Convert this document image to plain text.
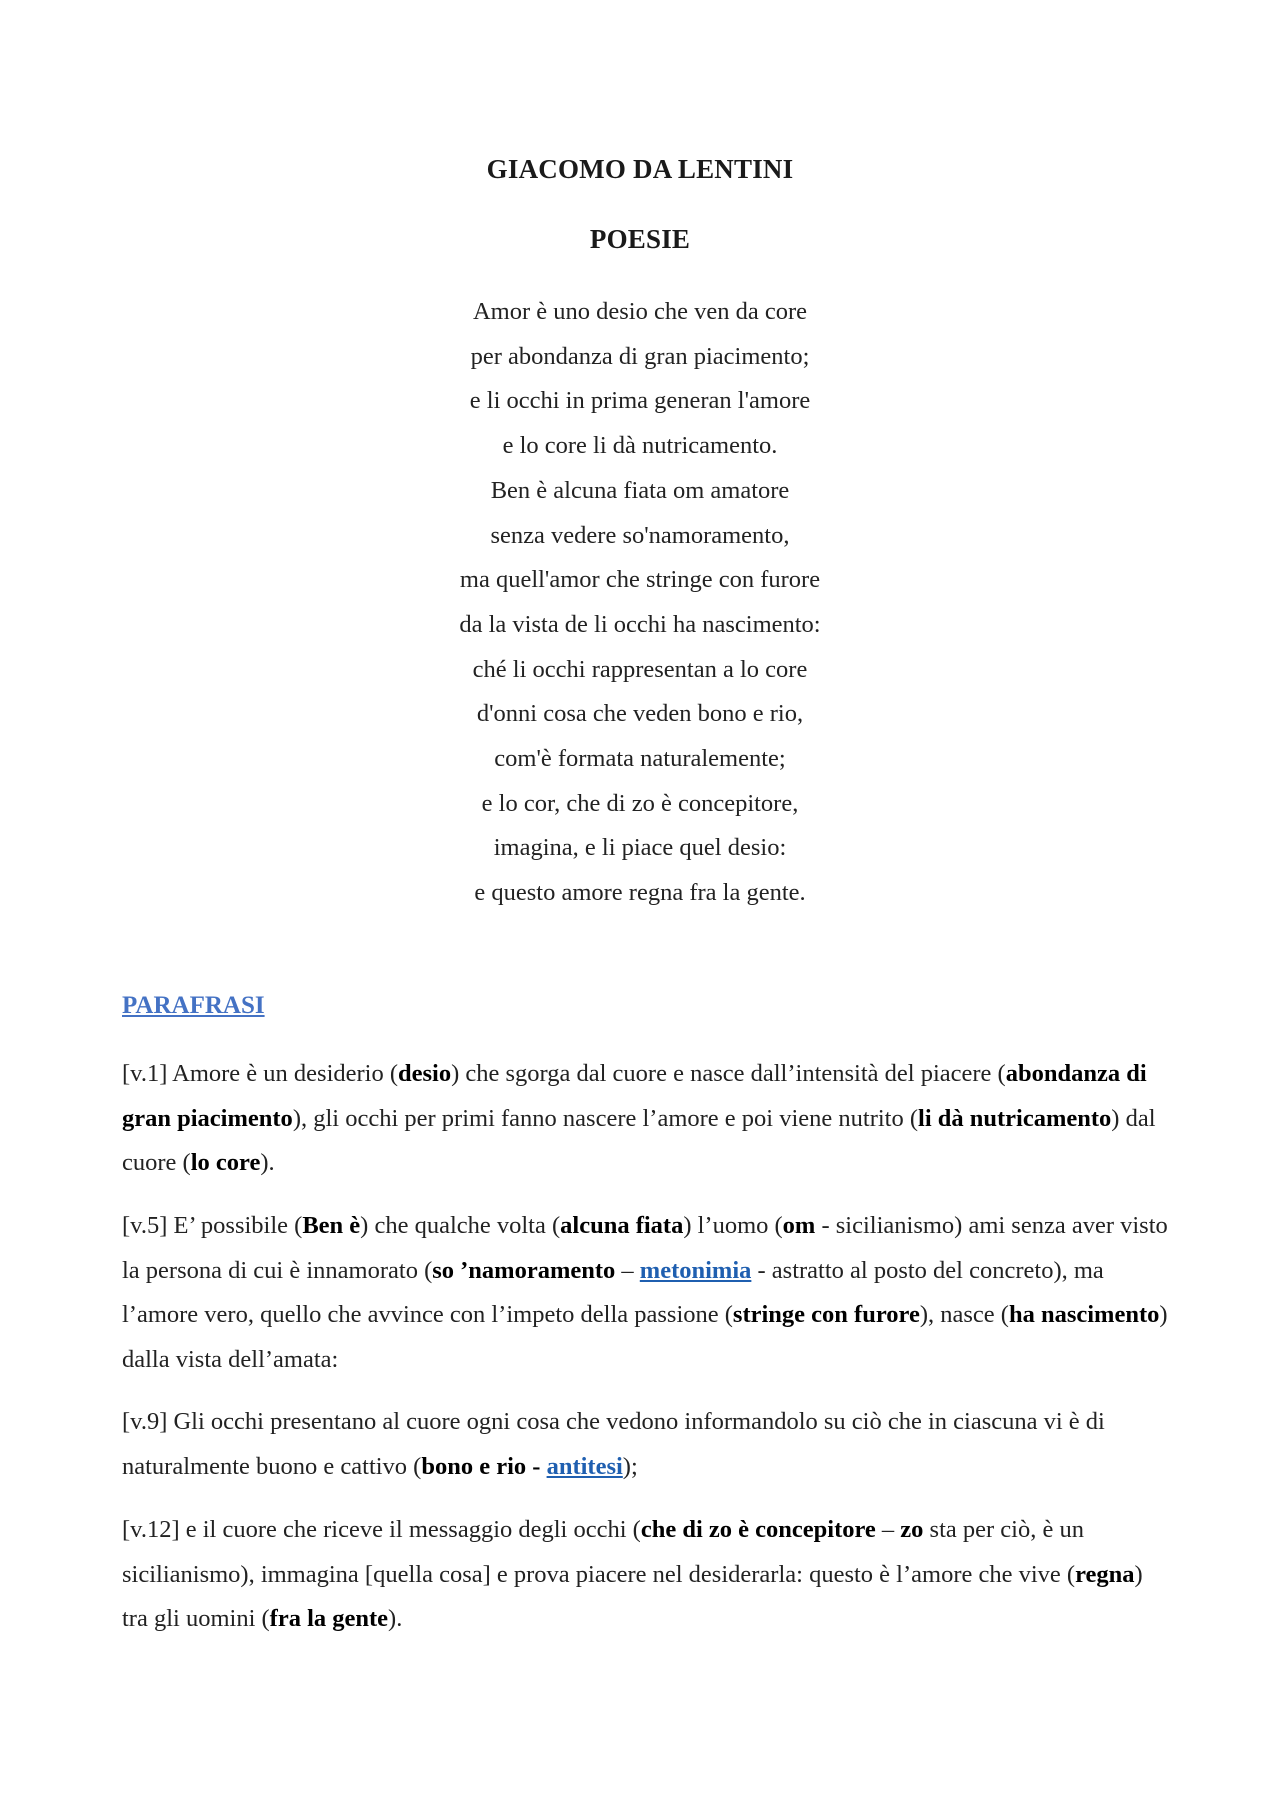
GIACOMO DA LENTINI
POESIE
Amor è uno desio che ven da core
per abondanza di gran piacimento;
e li occhi in prima generan l'amore
e lo core li dà nutricamento.
Ben è alcuna fiata om amatore
senza vedere so'namoramento,
ma quell'amor che stringe con furore
da la vista de li occhi ha nascimento:
ché li occhi rappresentan a lo core
d'onni cosa che veden bono e rio,
com'è formata naturalemente;
e lo cor, che di zo è concepitore,
imagina, e li piace quel desio:
e questo amore regna fra la gente.
PARAFRASI

[v.1] Amore è un desiderio (desio) che sgorga dal cuore e nasce dall’intensità del piacere (abondanza di gran piacimento), gli occhi per primi fanno nascere l’amore e poi viene nutrito (li dà nutricamento) dal cuore (lo core).

[v.5] E’ possibile (Ben è) che qualche volta (alcuna fiata) l’uomo (om - sicilianismo) ami senza aver visto la persona di cui è innamorato (so ’namoramento – metonimia - astratto al posto del concreto), ma l’amore vero, quello che avvince con l’impeto della passione (stringe con furore), nasce (ha nascimento) dalla vista dell’amata:

[v.9] Gli occhi presentano al cuore ogni cosa che vedono informandolo su ciò che in ciascuna vi è di naturalmente buono e cattivo (bono e rio - antitesi);

[v.12] e il cuore che riceve il messaggio degli occhi (che di zo è concepitore – zo sta per ciò, è un sicilianismo), immagina [quella cosa] e prova piacere nel desiderarla: questo è l’amore che vive (regna) tra gli uomini (fra la gente).
